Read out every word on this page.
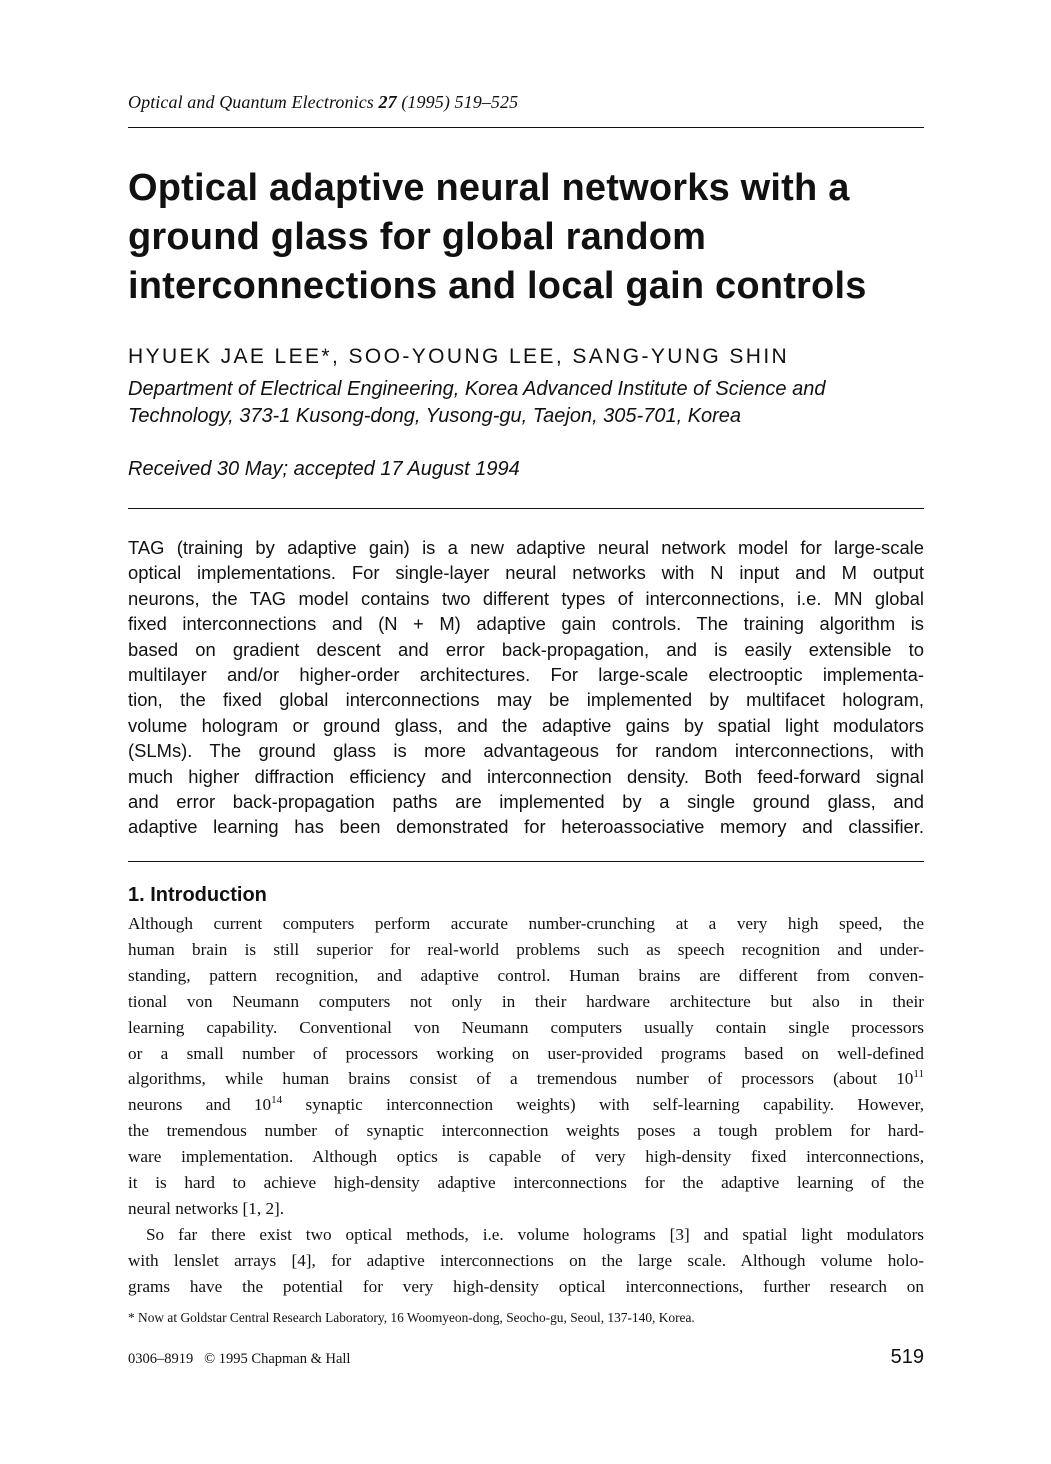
Optical and Quantum Electronics 27 (1995) 519–525
Optical adaptive neural networks with a
ground glass for global random
interconnections and local gain controls
HYUEK JAE LEE*, SOO-YOUNG LEE, SANG-YUNG SHIN
Department of Electrical Engineering, Korea Advanced Institute of Science and
Technology, 373-1 Kusong-dong, Yusong-gu, Taejon, 305-701, Korea
Received 30 May; accepted 17 August 1994
TAG (training by adaptive gain) is a new adaptive neural network model for large-scale
optical implementations. For single-layer neural networks with N input and M output
neurons, the TAG model contains two different types of interconnections, i.e. MN global
fixed interconnections and (N + M) adaptive gain controls. The training algorithm is
based on gradient descent and error back-propagation, and is easily extensible to
multilayer and/or higher-order architectures. For large-scale electrooptic implementa-
tion, the fixed global interconnections may be implemented by multifacet hologram,
volume hologram or ground glass, and the adaptive gains by spatial light modulators
(SLMs). The ground glass is more advantageous for random interconnections, with
much higher diffraction efficiency and interconnection density. Both feed-forward signal
and error back-propagation paths are implemented by a single ground glass, and
adaptive learning has been demonstrated for heteroassociative memory and classifier.
1. Introduction
Although current computers perform accurate number-crunching at a very high speed, the
human brain is still superior for real-world problems such as speech recognition and under-
standing, pattern recognition, and adaptive control. Human brains are different from conven-
tional von Neumann computers not only in their hardware architecture but also in their
learning capability. Conventional von Neumann computers usually contain single processors
or a small number of processors working on user-provided programs based on well-defined
algorithms, while human brains consist of a tremendous number of processors (about $10^{11}$
neurons and $10^{14}$ synaptic interconnection weights) with self-learning capability. However,
the tremendous number of synaptic interconnection weights poses a tough problem for hard-
ware implementation. Although optics is capable of very high-density fixed interconnections,
it is hard to achieve high-density adaptive interconnections for the adaptive learning of the
neural networks [1, 2].
So far there exist two optical methods, i.e. volume holograms [3] and spatial light modulators
with lenslet arrays [4], for adaptive interconnections on the large scale. Although volume holo-
grams have the potential for very high-density optical interconnections, further research on
* Now at Goldstar Central Research Laboratory, 16 Woomyeon-dong, Seocho-gu, Seoul, 137-140, Korea.
0306–8919 © 1995 Chapman & Hall	519
